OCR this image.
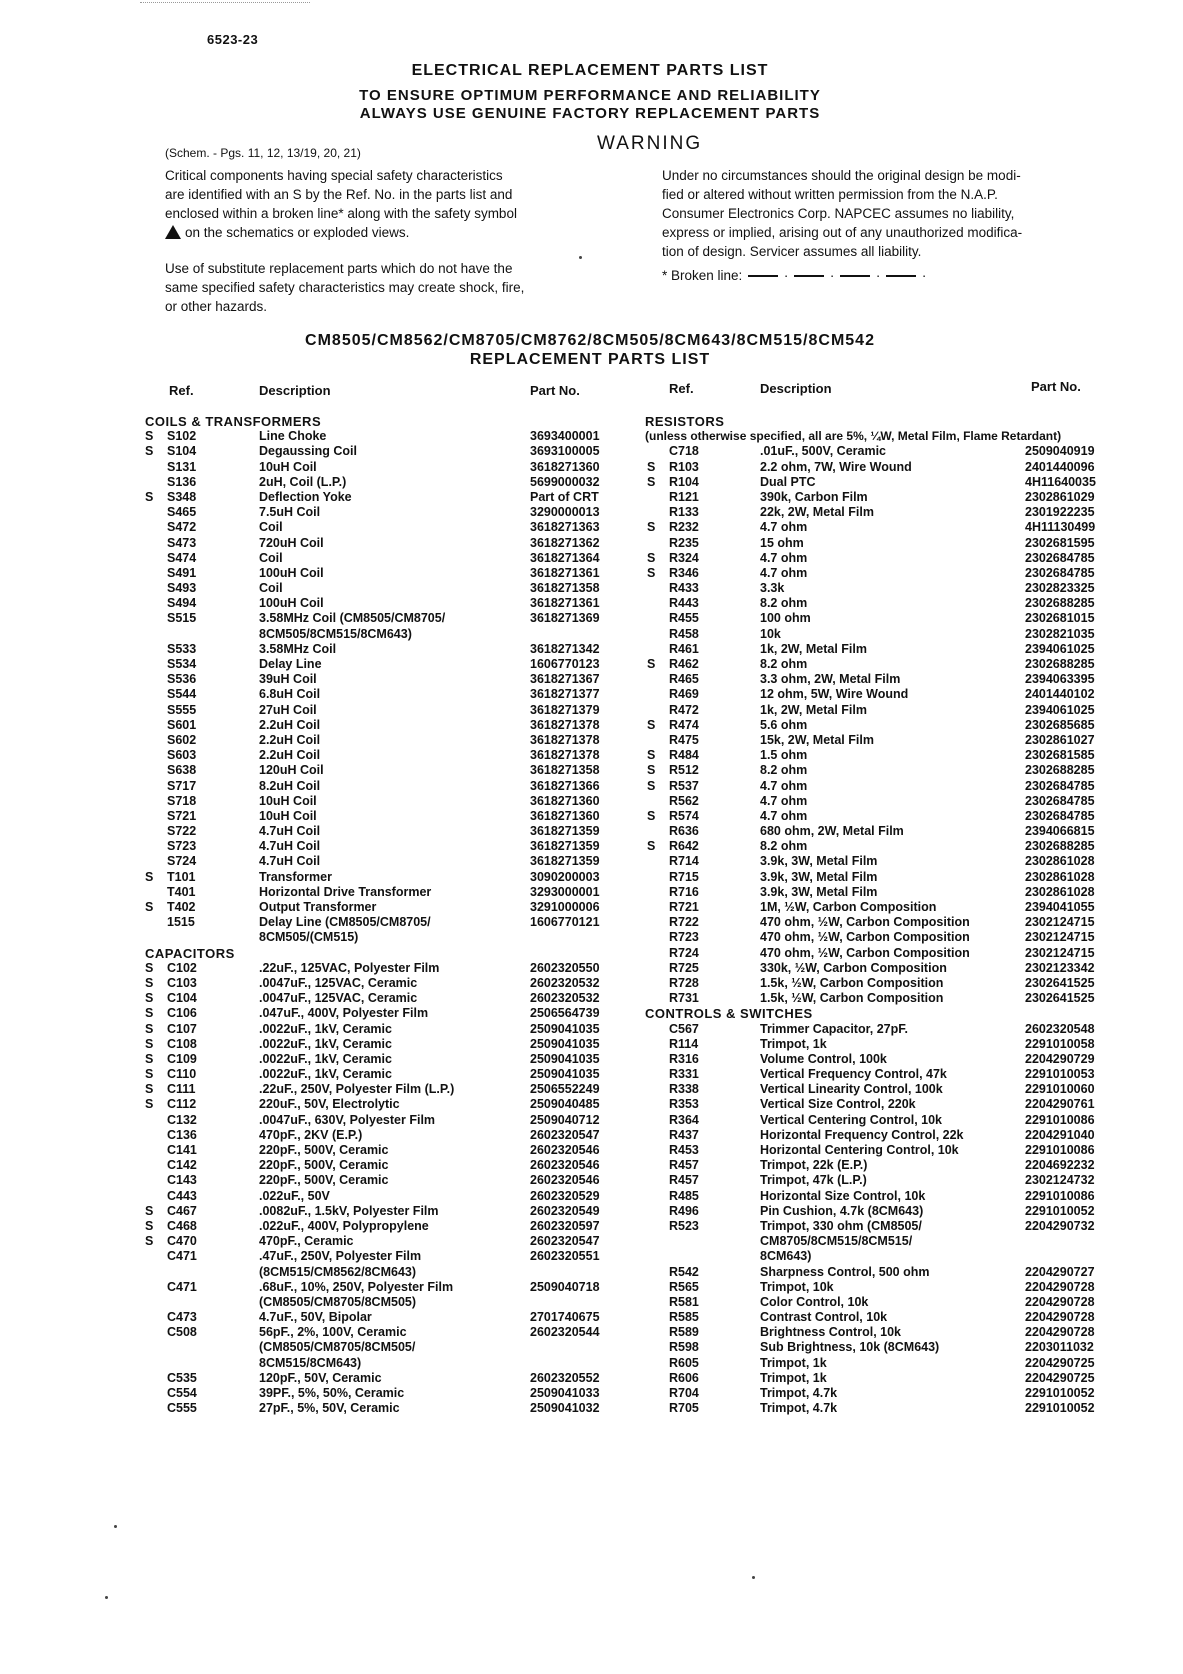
6523-23
ELECTRICAL REPLACEMENT PARTS LIST
TO ENSURE OPTIMUM PERFORMANCE AND RELIABILITY
ALWAYS USE GENUINE FACTORY REPLACEMENT PARTS
(Schem. - Pgs. 11, 12, 13/19, 20, 21)	WARNING
Critical components having special safety characteristics
are identified with an S by the Ref. No. in the parts list and
enclosed within a broken line* along with the safety symbol
on the schematics or exploded views.
Use of substitute replacement parts which do not have the
same specified safety characteristics may create shock, fire,
or other hazards.
Under no circumstances should the original design be modi-
fied or altered without written permission from the N.A.P.
Consumer Electronics Corp. NAPCEC assumes no liability,
express or implied, arising out of any unauthorized modifica-
tion of design. Servicer assumes all liability.
* Broken line:	·	·	·	·
CM8505/CM8562/CM8705/CM8762/8CM505/8CM643/8CM515/8CM542
REPLACEMENT PARTS LIST
Ref.	Description	Part No.	Ref.	Description	Part No.
COILS & TRANSFORMERS
S S102	Line Choke	3693400001
S S104	Degaussing Coil	3693100005
S131	10uH Coil	3618271360
S136	2uH, Coil (L.P.)	5699000032
S S348	Deflection Yoke	Part of CRT
S465	7.5uH Coil	3290000013
S472	Coil	3618271363
S473	720uH Coil	3618271362
S474	Coil	3618271364
S491	100uH Coil	3618271361
S493	Coil	3618271358
S494	100uH Coil	3618271361
S515	3.58MHz Coil (CM8505/CM8705/	3618271369
8CM505/8CM515/8CM643)
S533	3.58MHz Coil	3618271342
S534	Delay Line	1606770123
S536	39uH Coil	3618271367
S544	6.8uH Coil	3618271377
S555	27uH Coil	3618271379
S601	2.2uH Coil	3618271378
S602	2.2uH Coil	3618271378
S603	2.2uH Coil	3618271378
S638	120uH Coil	3618271358
S717	8.2uH Coil	3618271366
S718	10uH Coil	3618271360
S721	10uH Coil	3618271360
S722	4.7uH Coil	3618271359
S723	4.7uH Coil	3618271359
S724	4.7uH Coil	3618271359
S T101	Transformer	3090200003
T401	Horizontal Drive Transformer	3293000001
S T402	Output Transformer	3291000006
1515	Delay Line (CM8505/CM8705/	1606770121
8CM505/(CM515)
CAPACITORS
S C102	.22uF., 125VAC, Polyester Film	2602320550
S C103	.0047uF., 125VAC, Ceramic	2602320532
S C104	.0047uF., 125VAC, Ceramic	2602320532
S C106	.047uF., 400V, Polyester Film	2506564739
S C107	.0022uF., 1kV, Ceramic	2509041035
S C108	.0022uF., 1kV, Ceramic	2509041035
S C109	.0022uF., 1kV, Ceramic	2509041035
S C110	.0022uF., 1kV, Ceramic	2509041035
S C111	.22uF., 250V, Polyester Film (L.P.)	2506552249
S C112	220uF., 50V, Electrolytic	2509040485
C132	.0047uF., 630V, Polyester Film	2509040712
C136	470pF., 2KV (E.P.)	2602320547
C141	220pF., 500V, Ceramic	2602320546
C142	220pF., 500V, Ceramic	2602320546
C143	220pF., 500V, Ceramic	2602320546
C443	.022uF., 50V	2602320529
S C467	.0082uF., 1.5kV, Polyester Film	2602320549
S C468	.022uF., 400V, Polypropylene	2602320597
S C470	470pF., Ceramic	2602320547
C471	.47uF., 250V, Polyester Film	2602320551
(8CM515/CM8562/8CM643)
C471	.68uF., 10%, 250V, Polyester Film	2509040718
(CM8505/CM8705/8CM505)
C473	4.7uF., 50V, Bipolar	2701740675
C508	56pF., 2%, 100V, Ceramic	2602320544
(CM8505/CM8705/8CM505/
8CM515/8CM643)
C535	120pF., 50V, Ceramic	2602320552
C554	39PF., 5%, 50%, Ceramic	2509041033
C555	27pF., 5%, 50V, Ceramic	2509041032
RESISTORS
(unless otherwise specified, all are 5%, ¼W, Metal Film, Flame Retardant)
C718	.01uF., 500V, Ceramic	2509040919
S R103	2.2 ohm, 7W, Wire Wound	2401440096
S R104	Dual PTC	4H11640035
R121	390k, Carbon Film	2302861029
R133	22k, 2W, Metal Film	2301922235
S R232	4.7 ohm	4H11130499
R235	15 ohm	2302681595
S R324	4.7 ohm	2302684785
S R346	4.7 ohm	2302684785
R433	3.3k	2302823325
R443	8.2 ohm	2302688285
R455	100 ohm	2302681015
R458	10k	2302821035
R461	1k, 2W, Metal Film	2394061025
S R462	8.2 ohm	2302688285
R465	3.3 ohm, 2W, Metal Film	2394063395
R469	12 ohm, 5W, Wire Wound	2401440102
R472	1k, 2W, Metal Film	2394061025
S R474	5.6 ohm	2302685685
R475	15k, 2W, Metal Film	2302861027
S R484	1.5 ohm	2302681585
S R512	8.2 ohm	2302688285
S R537	4.7 ohm	2302684785
R562	4.7 ohm	2302684785
S R574	4.7 ohm	2302684785
R636	680 ohm, 2W, Metal Film	2394066815
S R642	8.2 ohm	2302688285
R714	3.9k, 3W, Metal Film	2302861028
R715	3.9k, 3W, Metal Film	2302861028
R716	3.9k, 3W, Metal Film	2302861028
R721	1M, ½W, Carbon Composition	2394041055
R722	470 ohm, ½W, Carbon Composition	2302124715
R723	470 ohm, ½W, Carbon Composition	2302124715
R724	470 ohm, ½W, Carbon Composition	2302124715
R725	330k, ½W, Carbon Composition	2302123342
R728	1.5k, ½W, Carbon Composition	2302641525
R731	1.5k, ½W, Carbon Composition	2302641525
CONTROLS & SWITCHES
C567	Trimmer Capacitor, 27pF.	2602320548
R114	Trimpot, 1k	2291010058
R316	Volume Control, 100k	2204290729
R331	Vertical Frequency Control, 47k	2291010053
R338	Vertical Linearity Control, 100k	2291010060
R353	Vertical Size Control, 220k	2204290761
R364	Vertical Centering Control, 10k	2291010086
R437	Horizontal Frequency Control, 22k	2204291040
R453	Horizontal Centering Control, 10k	2291010086
R457	Trimpot, 22k (E.P.)	2204692232
R457	Trimpot, 47k (L.P.)	2302124732
R485	Horizontal Size Control, 10k	2291010086
R496	Pin Cushion, 4.7k (8CM643)	2291010052
R523	Trimpot, 330 ohm (CM8505/	2204290732
CM8705/8CM515/8CM515/
8CM643)
R542	Sharpness Control, 500 ohm	2204290727
R565	Trimpot, 10k	2204290728
R581	Color Control, 10k	2204290728
R585	Contrast Control, 10k	2204290728
R589	Brightness Control, 10k	2204290728
R598	Sub Brightness, 10k (8CM643)	2203011032
R605	Trimpot, 1k	2204290725
R606	Trimpot, 1k	2204290725
R704	Trimpot, 4.7k	2291010052
R705	Trimpot, 4.7k	2291010052
